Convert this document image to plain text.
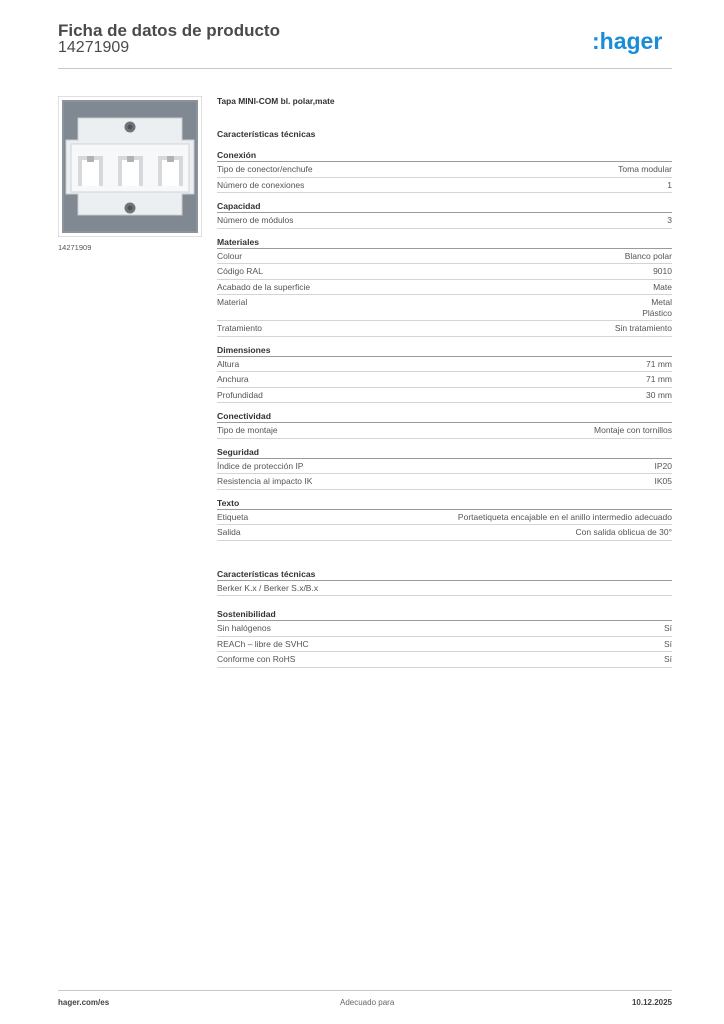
Ficha de datos de producto
14271909	:hager
14271909
Tapa MINI-COM bl. polar,mate
Características técnicas
Conexión
Tipo de conector/enchufe	Toma modular
Número de conexiones	1
Capacidad
Número de módulos	3
Materiales
Colour	Blanco polar
Código RAL	9010
Acabado de la superficie	Mate
Material	Metal
Plástico
Tratamiento	Sin tratamiento
Dimensiones
Altura	71 mm
Anchura	71 mm
Profundidad	30 mm
Conectividad
Tipo de montaje	Montaje con tornillos
Seguridad
Índice de protección IP	IP20
Resistencia al impacto IK	IK05
Texto
Etiqueta	Portaetiqueta encajable en el anillo intermedio adecuado
Salida	Con salida oblicua de 30°
Características técnicas
Berker K.x / Berker S.x/B.x
Sostenibilidad
Sin halógenos	Sí
REACh – libre de SVHC	Sí
Conforme con RoHS	Sí
hager.com/es	Adecuado para	10.12.2025
